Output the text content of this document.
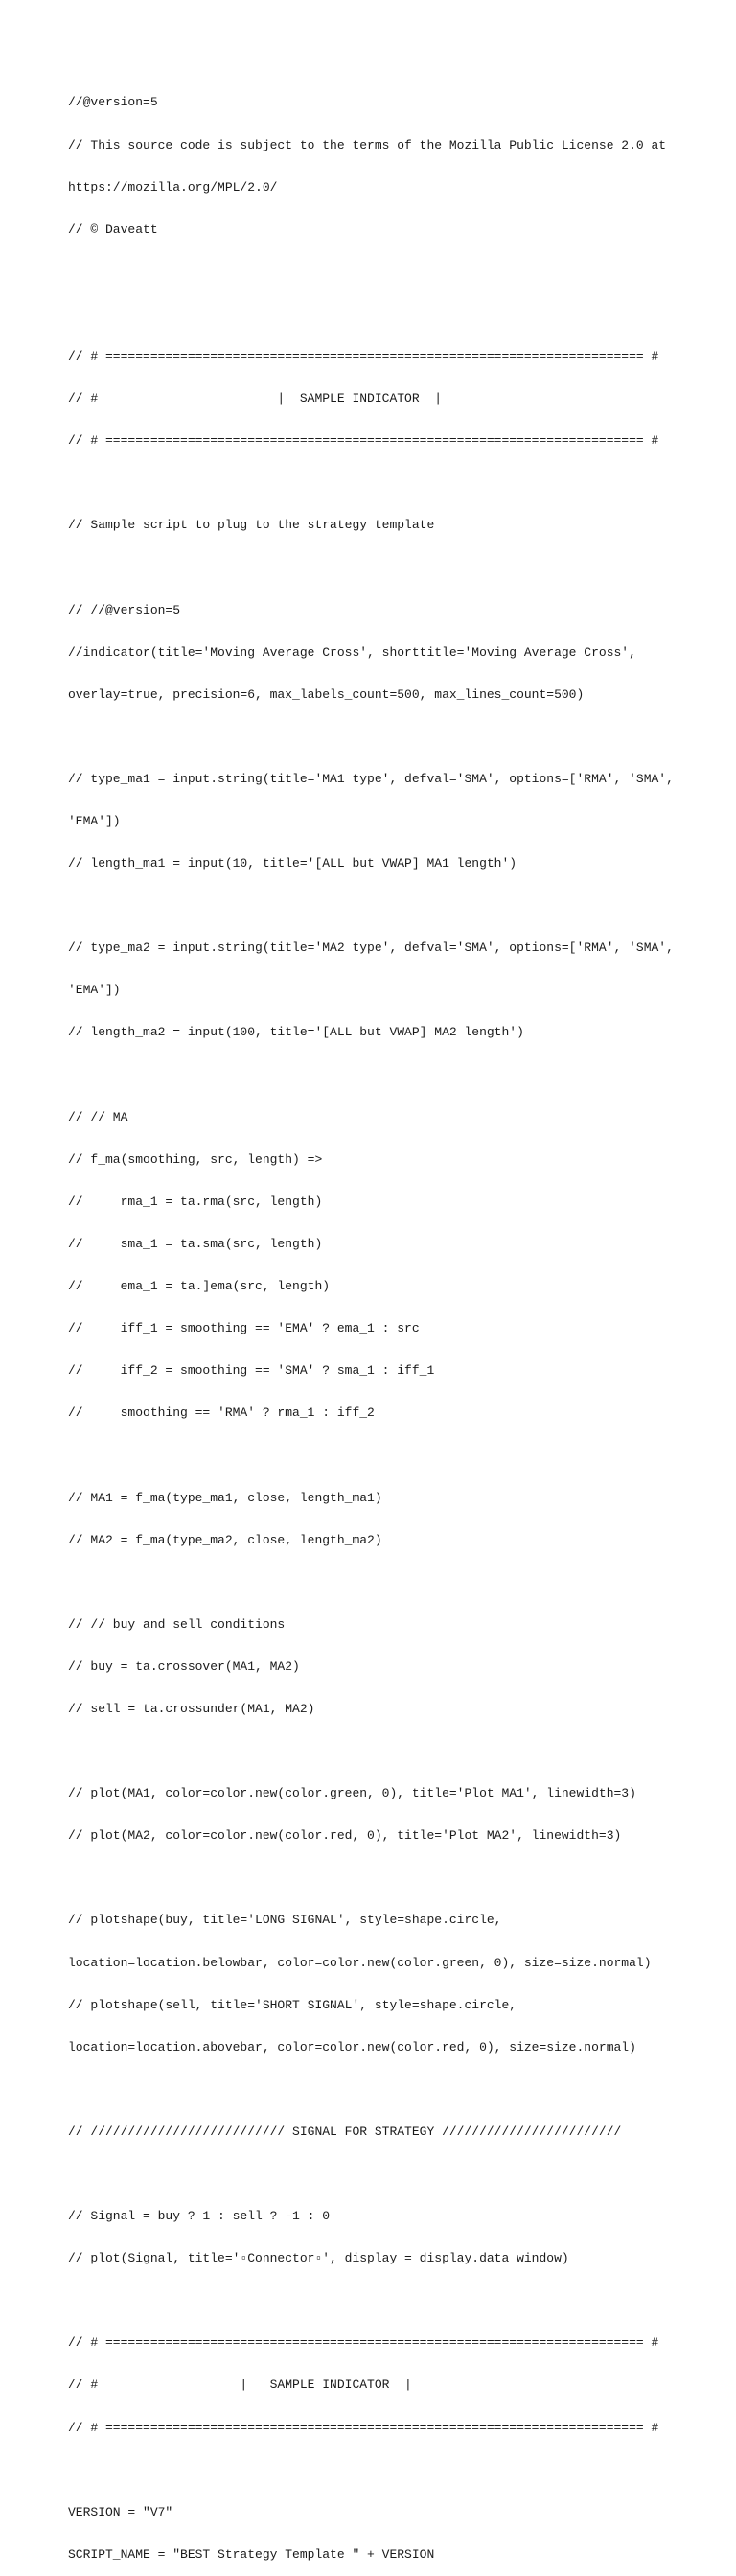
//@version=5

// This source code is subject to the terms of the Mozilla Public License 2.0 at

https://mozilla.org/MPL/2.0/

// © Daveatt

// # ======================================================================== #

// #                        |  SAMPLE INDICATOR  |

// # ======================================================================== #

// Sample script to plug to the strategy template

// //@version=5

//indicator(title='Moving Average Cross', shorttitle='Moving Average Cross',

overlay=true, precision=6, max_labels_count=500, max_lines_count=500)

// type_ma1 = input.string(title='MA1 type', defval='SMA', options=['RMA', 'SMA',

'EMA'])

// length_ma1 = input(10, title='[ALL but VWAP] MA1 length')

// type_ma2 = input.string(title='MA2 type', defval='SMA', options=['RMA', 'SMA',

'EMA'])

// length_ma2 = input(100, title='[ALL but VWAP] MA2 length')

// // MA

// f_ma(smoothing, src, length) =>

//     rma_1 = ta.rma(src, length)

//     sma_1 = ta.sma(src, length)

//     ema_1 = ta.]ema(src, length)

//     iff_1 = smoothing == 'EMA' ? ema_1 : src

//     iff_2 = smoothing == 'SMA' ? sma_1 : iff_1

//     smoothing == 'RMA' ? rma_1 : iff_2

// MA1 = f_ma(type_ma1, close, length_ma1)

// MA2 = f_ma(type_ma2, close, length_ma2)

// // buy and sell conditions

// buy = ta.crossover(MA1, MA2)

// sell = ta.crossunder(MA1, MA2)

// plot(MA1, color=color.new(color.green, 0), title='Plot MA1', linewidth=3)

// plot(MA2, color=color.new(color.red, 0), title='Plot MA2', linewidth=3)

// plotshape(buy, title='LONG SIGNAL', style=shape.circle,

location=location.belowbar, color=color.new(color.green, 0), size=size.normal)

// plotshape(sell, title='SHORT SIGNAL', style=shape.circle,

location=location.abovebar, color=color.new(color.red, 0), size=size.normal)

// ////////////////////////// SIGNAL FOR STRATEGY ////////////////////////

// Signal = buy ? 1 : sell ? -1 : 0

// plot(Signal, title='▫Connector▫', display = display.data_window)

// # ======================================================================== #

// #                   |   SAMPLE INDICATOR  |

// # ======================================================================== #

VERSION = "V7"

SCRIPT_NAME = "BEST Strategy Template " + VERSION
